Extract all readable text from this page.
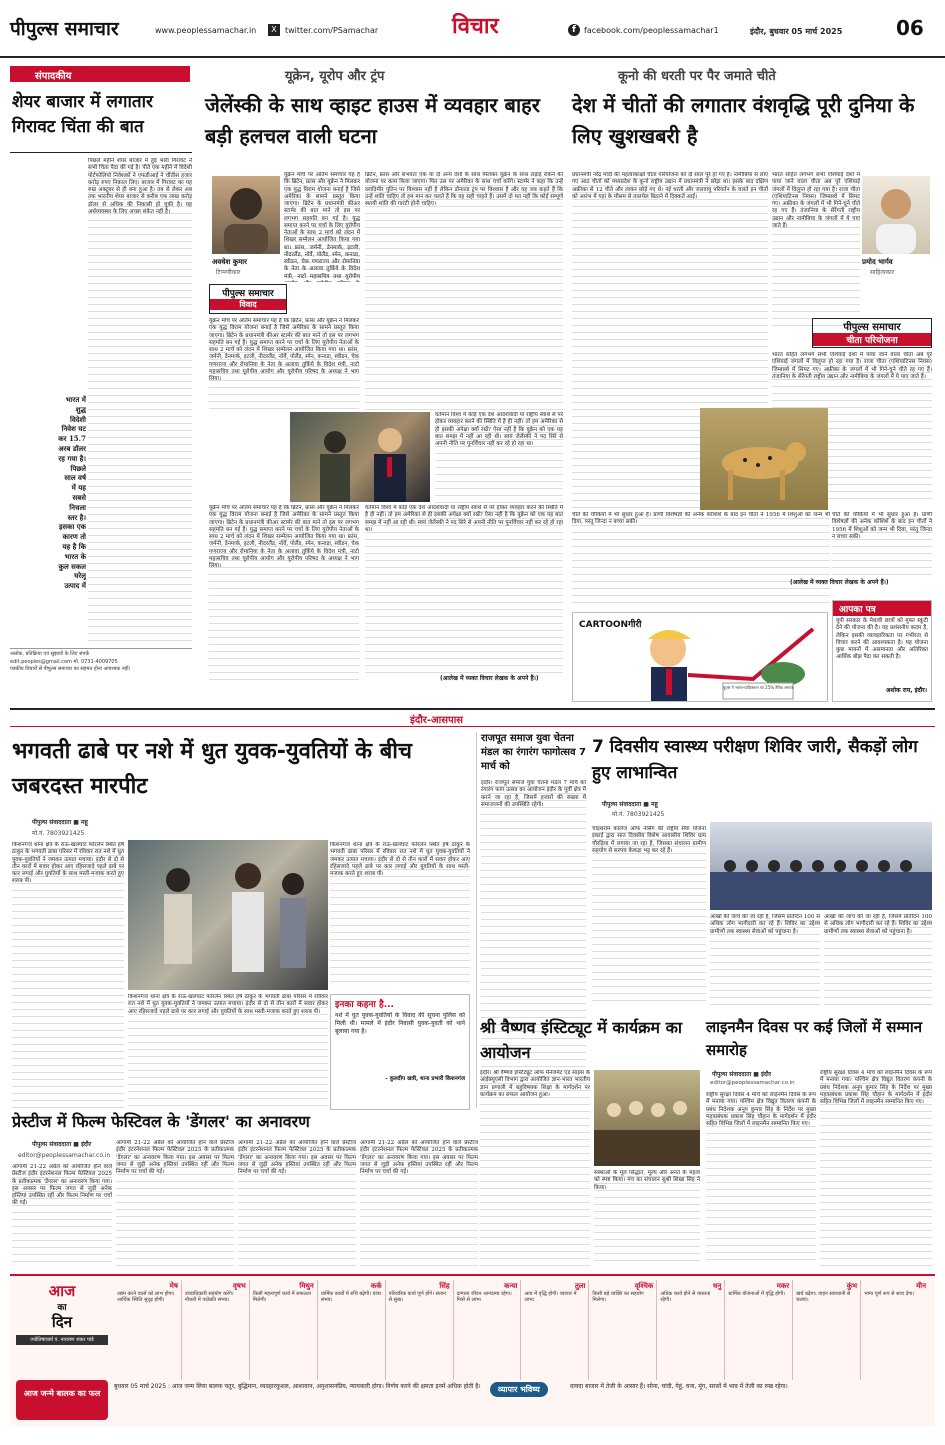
पीपुल्स समाचार	www.peoplessamachar.in	X	twitter.com/PSamachar	विचार	f	facebook.com/peoplessamachar1	इंदौर, बुधवार 05 मार्च 2025	06
संपादकीय
शेयर बाजार में लगातार गिरावट चिंता की बात
पिछले महीने शेयर बाजार में हुई भारी गिरावट ने सभी चिंता पैदा की गई है। पीते एक महीने में विदेशी पोर्टफोलियो निवेशकों ने एफडीआई ने चौंतीस हजार करोड़ रुपए निकाल लिए। बाजार में गिरावट का यह रुख अक्टूबर से ही बना हुआ है। तब से लेकर अब तक भारतीय शेयर बाजार से करीब एक लाख करोड़ डॉलर से अधिक की निकासी हो चुकी है। यह अर्थव्यवस्था के लिए अच्छा संकेत नहीं है।
भारत में शुद्ध विदेशी निवेश घट कर 15.7 अरब डॉलर रह गया है। पिछले साल वर्ष में यह सबसे निचला स्तर है। इसका एक कारण तो यह है कि भारत के कुल सकल घरेलू उत्पाद में
अलोक, प्रतिक्रिया एवं सुझावों के लिए संपर्क
edit.peoples@gmail.com मो. 0731-4009705
पत्रकीय विचारों से पीपुल्स समाचार का सहमत होना आवश्यक नहीं।
यूक्रेन, यूरोप और ट्रंप
जेलेंस्की के साथ व्हाइट हाउस में व्यवहार बाहर बड़ी हलचल वाली घटना
अवधेश कुमार
टिप्पणीकार
यूक्रेन मोर्चे पर अंतिम समाचार यह है कि ब्रिटेन, फ्रांस और यूक्रेन ने मिलकर एक युद्ध विराम योजना बनाई है जिसे अमेरिका के सामने प्रस्तुत किया जाएगा। ब्रिटेन के प्रधानमंत्री कीअर स्टार्मर की बात माने तो इस पर लगभग सहमति बन गई है। युद्ध समाप्त करने पर चर्चा के लिए यूरोपीय नेताओं के साथ 2 मार्च को लंदन में शिखर सम्मेलन आयोजित किया गया था। फ्रांस, जर्मनी, डेनमार्क, इटली, नीदरलैंड, नॉर्वे, पोलैंड, स्पेन, कनाडा, स्वीडन, चेक गणराज्य और रोमानिया के नेता के अलावा तुर्किये के विदेश मंत्री, नाटो महासचिव तथा यूरोपीय
पीपुल्स समाचार
विवाद
यूक्रेन मोर्चे पर अंतिम समाचार यह है कि ब्रिटेन, फ्रांस और यूक्रेन ने मिलकर एक युद्ध विराम योजना बनाई है जिसे अमेरिका के सामने प्रस्तुत किया जाएगा। ब्रिटेन के प्रधानमंत्री कीअर स्टार्मर की बात माने तो इस पर लगभग सहमति बन गई है। युद्ध समाप्त करने पर चर्चा के लिए यूरोपीय नेताओं के साथ 2 मार्च को लंदन में शिखर सम्मेलन आयोजित किया गया था। फ्रांस, जर्मनी, डेनमार्क, इटली, नीदरलैंड, नॉर्वे, पोलैंड, स्पेन, कनाडा, स्वीडन, चेक गणराज्य और रोमानिया के नेता के अलावा तुर्किये के विदेश मंत्री, नाटो महासचिव तथा यूरोपीय आयोग और यूरोपीय परिषद के अध्यक्ष ने भाग लिया।
यूक्रेन मोर्चे पर अंतिम समाचार यह है कि ब्रिटेन, फ्रांस और यूक्रेन ने मिलकर एक युद्ध विराम योजना बनाई है जिसे अमेरिका के सामने प्रस्तुत किया जाएगा। ब्रिटेन के प्रधानमंत्री कीअर स्टार्मर की बात माने तो इस पर लगभग सहमति बन गई है। युद्ध समाप्त करने पर चर्चा के लिए यूरोपीय नेताओं के साथ 2 मार्च को लंदन में शिखर सम्मेलन आयोजित किया गया था। फ्रांस, जर्मनी, डेनमार्क, इटली, नीदरलैंड, नॉर्वे, पोलैंड, स्पेन, कनाडा, स्वीडन, चेक गणराज्य और रोमानिया के नेता के अलावा तुर्किये के विदेश मंत्री, नाटो महासचिव तथा यूरोपीय आयोग और यूरोपीय परिषद के अध्यक्ष ने भाग लिया।
ब्रिटेन, फ्रांस और संभवतः एक या दो अन्य देशों के साथ मिलकर यूक्रेन के साथ लड़ाई रोकने की योजना पर काम किया जाएगा। फिर उस पर अमेरिका के साथ चर्चा करेंगे। स्टार्मर ने कहा कि उन्हें व्लादिमीर पुतिन पर विश्वास नहीं है लेकिन डोनाल्ड ट्रंप पर विश्वास है और वह जब कहते हैं कि उन्हें शांति चाहिए तो हम मान कर चलते हैं कि वह सही चाहते हैं। उसमें दो मत नहीं कि कोई सम्पूर्ण स्थायी शांति की गारंटी होनी चाहिए।
वर्तमान विश्व में कोई एक देश आदर्शवादी या राष्ट्रीय स्वार्थ से परे होकर व्यवहार करने की स्थिति में है ही नहीं। तो हम अमेरिका से ही इसकी अपेक्षा क्यों रखें? ऐसा नहीं है कि यूक्रेन को एक यह बात समझ में नहीं आ रही थी। स्वयं जेलेंस्की ने पद सिरे से अपनी नीति पर पुनर्विचार नहीं कर रहे हो रहा था।
वर्तमान विश्व में कोई एक देश आदर्शवादी या राष्ट्रीय स्वार्थ से परे होकर व्यवहार करने की स्थिति में है ही नहीं। तो हम अमेरिका से ही इसकी अपेक्षा क्यों रखें? ऐसा नहीं है कि यूक्रेन को एक यह बात समझ में नहीं आ रही थी। स्वयं जेलेंस्की ने पद सिरे से अपनी नीति पर पुनर्विचार नहीं कर रहे हो रहा था।
(आलेख में व्यक्त विचार लेखक के अपने हैं।)
कूनो की धरती पर पैर जमाते चीते
देश में चीतों की लगातार वंशवृद्धि पूरी दुनिया के लिए खुशखबरी है
प्रधानमंत्री नरेंद्र मोदी की महत्वाकांक्षी चीता परियोजना को दो साल पूरे हो गए हैं। नामीबिया से लाए गए आठ चीतों को मध्यप्रदेश के कूनो राष्ट्रीय उद्यान में प्रधानमंत्री ने छोड़ा था। इसके बाद दक्षिण अफ्रीका से 12 चीते और लाकर छोड़े गए थे। नई धरती और जलवायु परिवर्तन के चलते इन चीतों को आरंभ में यहां के मौसम से तालमेल बिठाने में दिक्कतें आईं।
भारत सहित लगभग सभी एशियाई देशों में पाया जाने वाला चीता अब पूरे एशियाई जंगलों में विलुप्त हो रहा गया है। राजा चीता (एशियाटिनस नियस) जिम्बाब्वे में सिमट गए। अफ्रीका के जंगलों में भी गिने-चुने चीते रह गए हैं। तंजानिया के सेरेंगती राष्ट्रीय उद्यान और नामीबिया के जंगलों में ये पाए जाते हैं।
प्रमोद भार्गव
साहित्यकार
पीपुल्स समाचार
चीता परियोजना
भारत सहित लगभग सभी एशियाई देशों में पाया जाने वाला चीता अब पूरे एशियाई जंगलों में विलुप्त हो रहा गया है। राजा चीता (एशियाटिनस नियस) जिम्बाब्वे में सिमट गए। अफ्रीका के जंगलों में भी गिने-चुने चीते रह गए हैं। तंजानिया के सेरेंगती राष्ट्रीय उद्यान और नामीबिया के जंगलों में ये पाए जाते हैं।
चीते की चौकियों में भी सुधार हुआ है। प्राणी विशेषज्ञों की अनेक कोशिशें के बाद इन चीतों ने 1956 में शिशुओं को जन्म भी दिया, परंतु जिन्दा न बच्चा सकी।
चीते की चौकियों में भी सुधार हुआ है। प्राणी विशेषज्ञों की अनेक कोशिशें के बाद इन चीतों ने 1956 में शिशुओं को जन्म भी दिया, परंतु जिन्दा न बच्चा सकी।
(आलेख में व्यक्त विचार लेखक के अपने हैं।)
CARTOONगीरी
यूएस ने भारत-पाकिस्तान पर 25% टैरिफ लगाया
आपका पत्र
यूपी सरकार के मेधावी छात्रों को मुफ्त स्कूटी देने की योजना की है। यह प्रशंसनीय कदम है, लेकिन इसकी व्यावहारिकता पर गंभीरता से विचार करने की आवश्यकता है। यह योजना कुछ मायनों में असमानता और अतिरिक्त आर्थिक बोझ पैदा कर सकती है।
अशोक राय, इंदौर।
इंदौर-आसपास
भगवती ढाबे पर नशे में धुत युवक-युवतियों के बीच जबरदस्त मारपीट
पीपुल्स संवाददाता ■ महू
मो.नं. 7803921425
किशनगंज थाना क्षेत्र के राऊ-खलघाट फोरलेन स्थित हर्ष ठाकुर के भगवती ढाबा परिसर में रविवार रात नशे में धुत युवक-युवतियों ने जमकर उत्पात मचाया। इंदौर से दो से तीन कारों में सवार होकर आए रहिसजादे पहले ढाबे पर कार लगाई और युवतियों के साथ मस्ती-मजाक करते हुए शराब पी।
किशनगंज थाना क्षेत्र के राऊ-खलघाट फोरलेन स्थित हर्ष ठाकुर के भगवती ढाबा परिसर में रविवार रात नशे में धुत युवक-युवतियों ने जमकर उत्पात मचाया। इंदौर से दो से तीन कारों में सवार होकर आए रहिसजादे पहले ढाबे पर कार लगाई और युवतियों के साथ मस्ती-मजाक करते हुए शराब पी।
किशनगंज थाना क्षेत्र के राऊ-खलघाट फोरलेन स्थित हर्ष ठाकुर के भगवती ढाबा परिसर में रविवार रात नशे में धुत युवक-युवतियों ने जमकर उत्पात मचाया। इंदौर से दो से तीन कारों में सवार होकर आए रहिसजादे पहले ढाबे पर कार लगाई और युवतियों के साथ मस्ती-मजाक करते हुए शराब पी।
इनका कहना है...
नशे में धुत युवक-युवतियों के विवाद की सूचना पुलिस को मिली थी। मामले में इंदौर निवासी युवक-युवती को थाने बुलाया गया है।
- कुलदीप खत्री, थाना प्रभारी किशनगंज
राजपूत समाज युवा चेतना मंडल का रंगारंग फागोत्सव 7 मार्च को
इंदौर। राजपूत समाज युवा चेतना मंडल 7 मार्च को रंगारंग फाग उत्सव का आयोजन इंदौर के पूर्वी क्षेत्र में करने जा रहा है, जिसमें हजारों की संख्या में समाजजनों की उपस्थिति रहेगी।
7 दिवसीय स्वास्थ्य परीक्षण शिविर जारी, सैकड़ों लोग हुए लाभान्वित
पीपुल्स संवाददाता ■ महू
मो.नं. 7803921425
चोइथराम कॉलेज ऑफ नर्सिंग की राष्ट्रीय सेवा योजना इकाई द्वारा सात दिवसीय विशेष आवासीय शिविर ग्राम चौरड़िया में लगाया जा रहा है, जिसका संचालन ग्रामीण सहयोग से सरपंच केकड़ा भट्ट कर रहे हैं।
आंखों की जांच की जा रही है, जिसमें प्रतिदिन 100 से अधिक लोग भागीदारी कर रहे हैं। शिविर का उद्देश्य ग्रामीणों तक स्वास्थ्य सेवाओं को पहुंचाना है।
आंखों की जांच की जा रही है, जिसमें प्रतिदिन 100 से अधिक लोग भागीदारी कर रहे हैं। शिविर का उद्देश्य ग्रामीणों तक स्वास्थ्य सेवाओं को पहुंचाना है।
प्रेस्टीज में फिल्म फेस्टिवल के 'डेंगलर' का अनावरण
पीपुल्स संवाददाता ■ इंदौर
editor@peoplessamachar.co.in
आगामी 21-22 अप्रैल को आयोजित होने वाले प्रेस्टीज इंदौर इंटरनेशनल फिल्म फेस्टिवल 2025 के प्रतीकात्मक 'डेंगलर' का अनावरण किया गया। इस अवसर पर फिल्म जगत से जुड़ी अनेक हस्तियां उपस्थित रहीं और फिल्म निर्माण पर चर्चा की गई।
आगामी 21-22 अप्रैल को आयोजित होने वाले प्रेस्टीज इंदौर इंटरनेशनल फिल्म फेस्टिवल 2025 के प्रतीकात्मक 'डेंगलर' का अनावरण किया गया। इस अवसर पर फिल्म जगत से जुड़ी अनेक हस्तियां उपस्थित रहीं और फिल्म निर्माण पर चर्चा की गई।
आगामी 21-22 अप्रैल को आयोजित होने वाले प्रेस्टीज इंदौर इंटरनेशनल फिल्म फेस्टिवल 2025 के प्रतीकात्मक 'डेंगलर' का अनावरण किया गया। इस अवसर पर फिल्म जगत से जुड़ी अनेक हस्तियां उपस्थित रहीं और फिल्म निर्माण पर चर्चा की गई।
आगामी 21-22 अप्रैल को आयोजित होने वाले प्रेस्टीज इंदौर इंटरनेशनल फिल्म फेस्टिवल 2025 के प्रतीकात्मक 'डेंगलर' का अनावरण किया गया। इस अवसर पर फिल्म जगत से जुड़ी अनेक हस्तियां उपस्थित रहीं और फिल्म निर्माण पर चर्चा की गई।
श्री वैष्णव इंस्टिट्यूट में कार्यक्रम का आयोजन
इंदौर। श्री वैष्णव इंस्टिट्यूट ऑफ मैनेजमेंट एंड साइंस के आईक्यूएसी विभाग द्वारा आयोजित ज्ञान-भारत भारतीय ज्ञान प्रणाली में बहुविषयक शिक्षा के मार्गदर्शन पर कार्यक्रम का सफल आयोजन हुआ।
संस्थाओं के मूल सिद्धांत, मूल्य और अनंत के महत्व को स्पष्ट किया। मंच का संचालन सुश्री शिखा सिंह ने किया।
लाइनमैन दिवस पर कई जिलों में सम्मान समारोह
पीपुल्स संवाददाता ■ इंदौर
editor@peoplessamachar.co.in
राष्ट्रीय सुरक्षा दिवस 4 मार्च को लाइनमैन दिवस के रूप में मनाया गया। पश्चिम क्षेत्र विद्युत वितरण कंपनी के प्रबंध निदेशक अनूप कुमार सिंह के निर्देश पर मुख्य महाप्रबंधक प्रकाश सिंह चौहान के मार्गदर्शन में इंदौर सहित विभिन्न जिलों में लाइनमैन सम्मानित किए गए।
राष्ट्रीय सुरक्षा दिवस 4 मार्च को लाइनमैन दिवस के रूप में मनाया गया। पश्चिम क्षेत्र विद्युत वितरण कंपनी के प्रबंध निदेशक अनूप कुमार सिंह के निर्देश पर मुख्य महाप्रबंधक प्रकाश सिंह चौहान के मार्गदर्शन में इंदौर सहित विभिन्न जिलों में लाइनमैन सम्मानित किए गए।
आज
का
दिन
ज्योतिषाचार्य पं. नारायण शंकर पांडे
मेष
उद्यम करने वालों को लाभ होगा। आर्थिक स्थिति सुदृढ़ होगी।
वृषभ
उच्चाधिकारी सहयोग करेंगे। नौकरी में पदोन्नति संभव।
मिथुन
किसी महत्वपूर्ण कार्य में सफलता मिलेगी।
कर्क
धार्मिक कार्यों में रुचि बढ़ेगी। यात्रा संभव।
सिंह
परिवारिक कार्य पूर्ण होंगे। संतान से सुख।
कन्या
दाम्पत्य जीवन आनंदमय रहेगा। मित्रों से लाभ।
तुला
आय में वृद्धि होगी। व्यापार में लाभ।
वृश्चिक
किसी बड़े व्यक्ति का सहयोग मिलेगा।
धनु
अधिक कार्य होने से व्यस्तता रहेगी।
मकर
धार्मिक योजनाओं में वृद्धि होगी।
कुंभ
खर्च बढ़ेगा। वाहन सावधानी से चलाएं।
मीन
भाग्य पूर्ण रूप से साथ देगा।
आज जन्मे बालक का फल
बुधवार 05 मार्च 2025 : आज जन्म लिया बालक चतुर, बुद्धिमान, व्यवहारकुशल, आशावान, अनुशासनप्रिय, न्यायकारी होगा। निर्णय करने की क्षमता इनमें अधिक होती है।	व्यापार भविष्य	वायदा बाजार में तेजी के आसार हैं। सोना, चांदी, गेहूं, चना, मूंग, सरसों में भाव में तेजी का रुख रहेगा।
